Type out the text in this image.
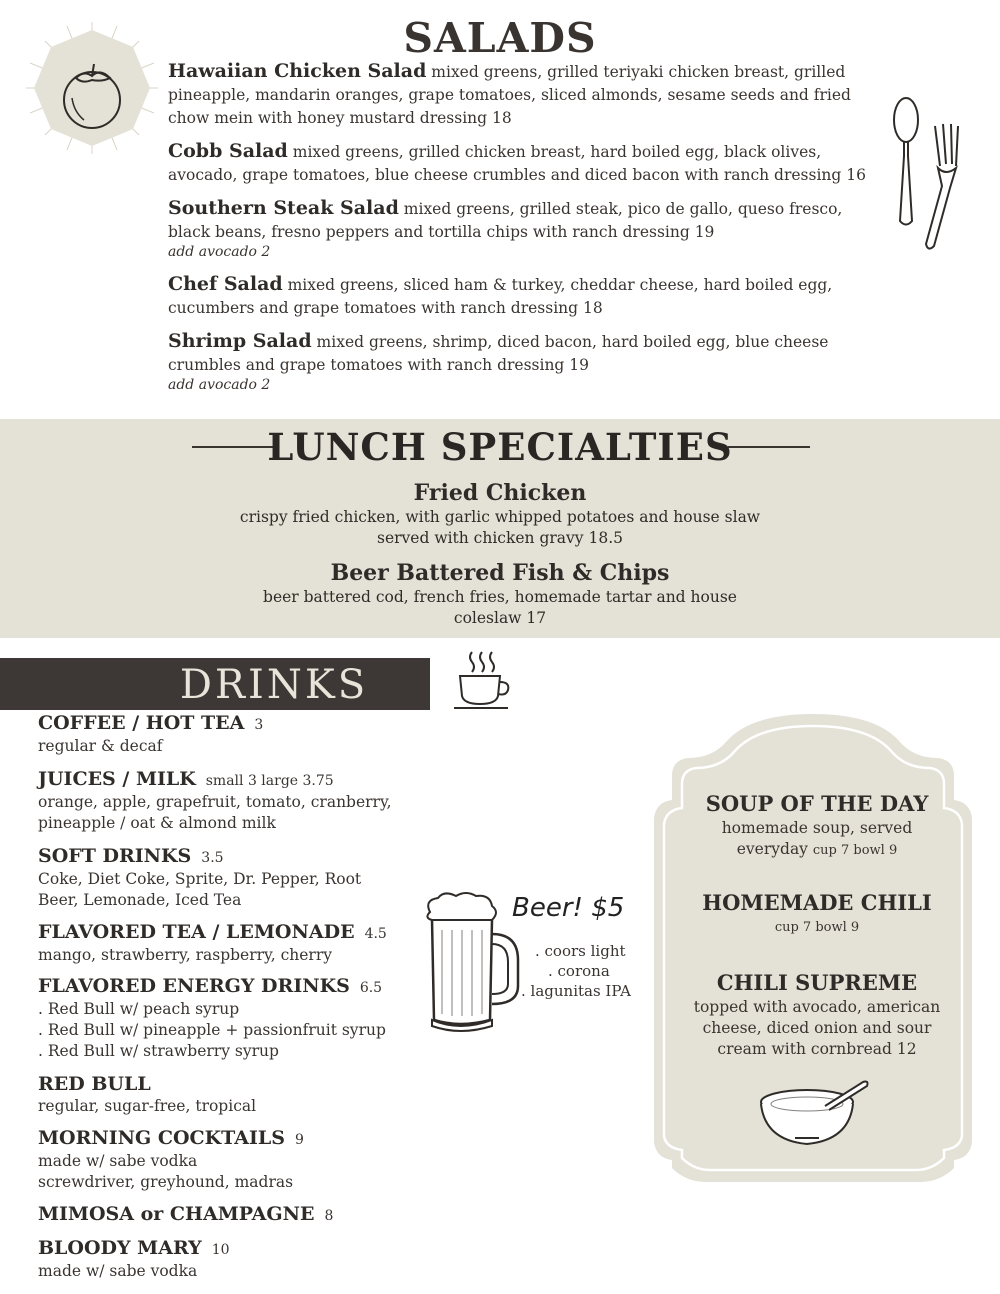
SALADS
Hawaiian Chicken Salad mixed greens, grilled teriyaki chicken breast, grilled pineapple, mandarin oranges, grape tomatoes, sliced almonds, sesame seeds and fried chow mein with honey mustard dressing 18
Cobb Salad mixed greens, grilled chicken breast, hard boiled egg, black olives, avocado, grape tomatoes, blue cheese crumbles and diced bacon with ranch dressing 16
Southern Steak Salad mixed greens, grilled steak, pico de gallo, queso fresco, black beans, fresno peppers and tortilla chips with ranch dressing 19
add avocado 2
Chef Salad mixed greens, sliced ham & turkey, cheddar cheese, hard boiled egg, cucumbers and grape tomatoes with ranch dressing 18
Shrimp Salad mixed greens, shrimp, diced bacon, hard boiled egg, blue cheese crumbles and grape tomatoes with ranch dressing 19
add avocado 2
LUNCH SPECIALTIES
Fried Chicken
crispy fried chicken, with garlic whipped potatoes and house slaw
served with chicken gravy 18.5
Beer Battered Fish & Chips
beer battered cod, french fries, homemade tartar and house
coleslaw 17
DRINKS
COFFEE / HOT TEA 3
regular & decaf
JUICES / MILK small 3 large 3.75
orange, apple, grapefruit, tomato, cranberry,
pineapple / oat & almond milk
SOFT DRINKS 3.5
Coke, Diet Coke, Sprite, Dr. Pepper, Root
Beer, Lemonade, Iced Tea
FLAVORED TEA / LEMONADE 4.5
mango, strawberry, raspberry, cherry
FLAVORED ENERGY DRINKS 6.5
. Red Bull w/ peach syrup
. Red Bull w/ pineapple + passionfruit syrup
. Red Bull w/ strawberry syrup
RED BULL
regular, sugar-free, tropical
MORNING COCKTAILS 9
made w/ sabe vodka
screwdriver, greyhound, madras
MIMOSA or CHAMPAGNE 8
BLOODY MARY 10
made w/ sabe vodka
Beer! $5
. coors light
. corona
. lagunitas IPA
SOUP OF THE DAY
homemade soup, served
everyday cup 7 bowl 9
HOMEMADE CHILI
cup 7 bowl 9
CHILI SUPREME
topped with avocado, american
cheese, diced onion and sour
cream with cornbread 12
